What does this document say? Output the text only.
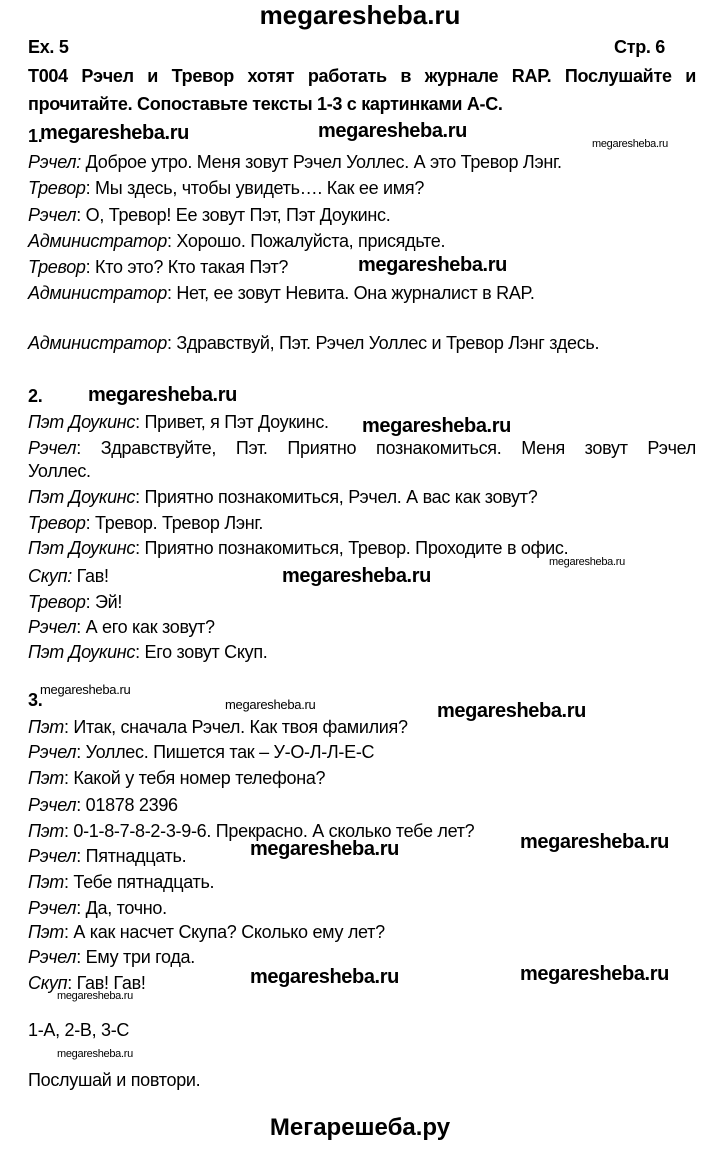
megaresheba.ru
Ex. 5	Стр. 6
T004 Рэчел и Тревор хотят работать в журнале RAP. Послушайте и
прочитайте. Сопоставьте тексты 1-3 с картинками A-C.
1.
Рэчел: Доброе утро. Меня зовут Рэчел Уоллес. А это Тревор Лэнг.
Тревор: Мы здесь, чтобы увидеть…. Как ее имя?
Рэчел: О, Тревор! Ее зовут Пэт, Пэт Доукинс.
Администратор: Хорошо. Пожалуйста, присядьте.
Тревор: Кто это? Кто такая Пэт?
Администратор: Нет, ее зовут Невита. Она журналист в RAP.
Администратор: Здравствуй, Пэт. Рэчел Уоллес и Тревор Лэнг здесь.
2.
Пэт Доукинс: Привет, я Пэт Доукинс.
Рэчел: Здравствуйте, Пэт. Приятно познакомиться. Меня зовут Рэчел
Уоллес.
Пэт Доукинс: Приятно познакомиться, Рэчел. А вас как зовут?
Тревор: Тревор. Тревор Лэнг.
Пэт Доукинс: Приятно познакомиться, Тревор. Проходите в офис.
Скуп: Гав!
Тревор: Эй!
Рэчел: А его как зовут?
Пэт Доукинс: Его зовут Скуп.
3.
Пэт: Итак, сначала Рэчел. Как твоя фамилия?
Рэчел: Уоллес. Пишется так – У-О-Л-Л-Е-С
Пэт: Какой у тебя номер телефона?
Рэчел: 01878 2396
Пэт: 0-1-8-7-8-2-3-9-6. Прекрасно. А сколько тебе лет?
Рэчел: Пятнадцать.
Пэт: Тебе пятнадцать.
Рэчел: Да, точно.
Пэт: А как насчет Скупа? Сколько ему лет?
Рэчел: Ему три года.
Скуп: Гав! Гав!
1-A, 2-B, 3-C
Послушай и повтори.
Мегарешеба.ру
megaresheba.ru	megaresheba.ru
megaresheba.ru
megaresheba.ru
megaresheba.ru
megaresheba.ru
megaresheba.ru
megaresheba.ru
megaresheba.ru
megaresheba.ru	megaresheba.ru
megaresheba.ru	megaresheba.ru
megaresheba.ru	megaresheba.ru
megaresheba.ru
megaresheba.ru
